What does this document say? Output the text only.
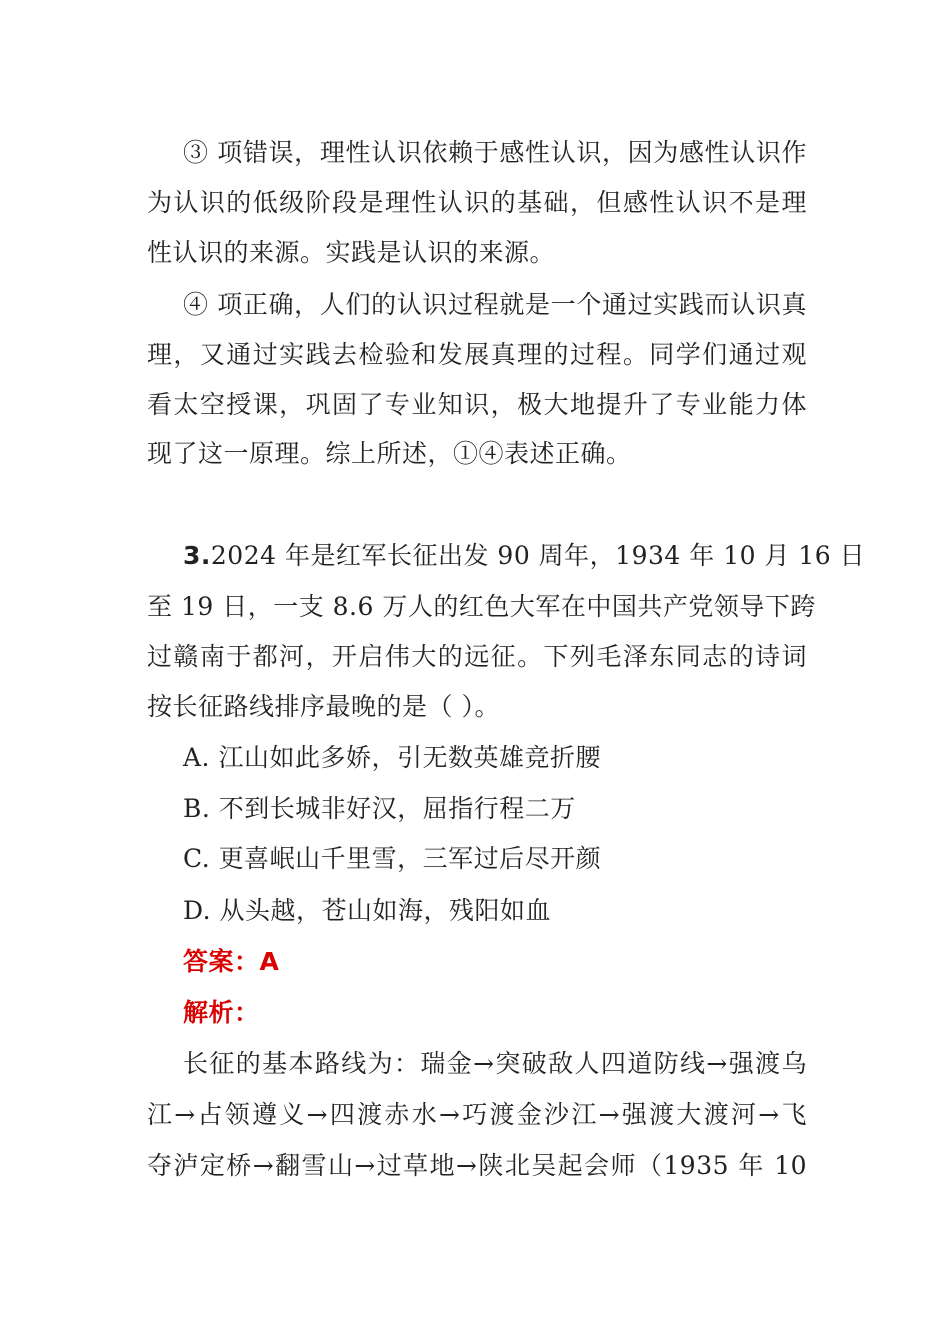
③ 项错误，理性认识依赖于感性认识，因为感性认识作
为认识的低级阶段是理性认识的基础，但感性认识不是理
性认识的来源。实践是认识的来源。
④ 项正确，人们的认识过程就是一个通过实践而认识真
理，又通过实践去检验和发展真理的过程。同学们通过观
看太空授课，巩固了专业知识，极大地提升了专业能力体
现了这一原理。综上所述，①④表述正确。
3.2024 年是红军长征出发 90 周年，1934 年 10 月 16 日
至 19 日，一支 8.6 万人的红色大军在中国共产党领导下跨
过赣南于都河，开启伟大的远征。下列毛泽东同志的诗词
按长征路线排序最晚的是（ ）。
A. 江山如此多娇，引无数英雄竞折腰
B. 不到长城非好汉，屈指行程二万
C. 更喜岷山千里雪，三军过后尽开颜
D. 从头越，苍山如海，残阳如血
答案：A
解析：
长征的基本路线为：瑞金→突破敌人四道防线→强渡乌
江→占领遵义→四渡赤水→巧渡金沙江→强渡大渡河→飞
夺泸定桥→翻雪山→过草地→陕北吴起会师（1935 年 10
